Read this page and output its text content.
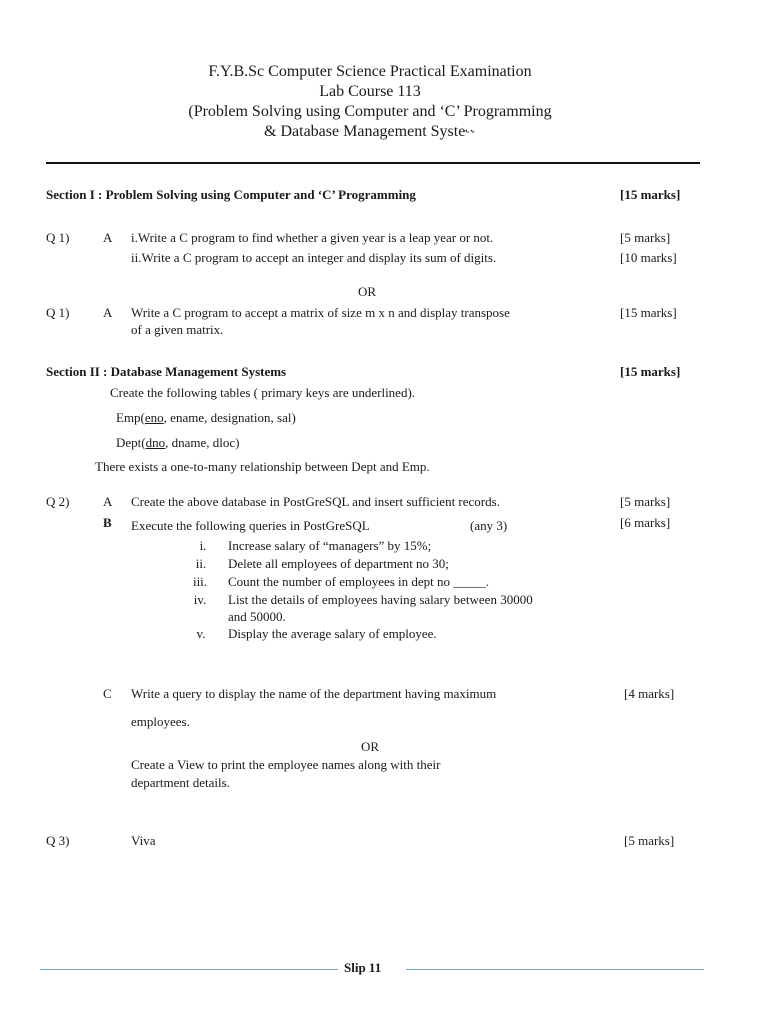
F.Y.B.Sc Computer Science Practical Examination
Lab Course 113
(Problem Solving using Computer and ‘C’ Programming
& Database Management Syste˞˞
Section I : Problem Solving using Computer and ‘C’ Programming	[15 marks]
Q 1)	A i.Write a C program to find whether a given year is a leap year or not.	[5 marks]
ii.Write a C program to accept an integer and display its sum of digits.	[10 marks]
OR
Q 1)	A Write a C program to accept a matrix of size m x n and display transpose	[15 marks]
of a given matrix.
Section II : Database Management Systems	[15 marks]
Create the following tables ( primary keys are underlined).
Emp(eno, ename, designation, sal)
Dept(dno, dname, dloc)
There exists a one-to-many relationship between Dept and Emp.
Q 2)	A Create the above database in PostGreSQL and insert sufficient records.	[5 marks]
B Execute the following queries in PostGreSQL	(any 3)	[6 marks]
i.	Increase salary of “managers” by 15%;
ii.	Delete all employees of department no 30;
iii.	Count the number of employees in dept no _____.
iv.	List the details of employees having salary between 30000
and 50000.
v.	Display the average salary of employee.
C Write a query to display the name of the department having maximum	[4 marks]
employees.
OR
Create a View to print the employee names along with their
department details.
Q 3)	Viva	[5 marks]
Slip 11
